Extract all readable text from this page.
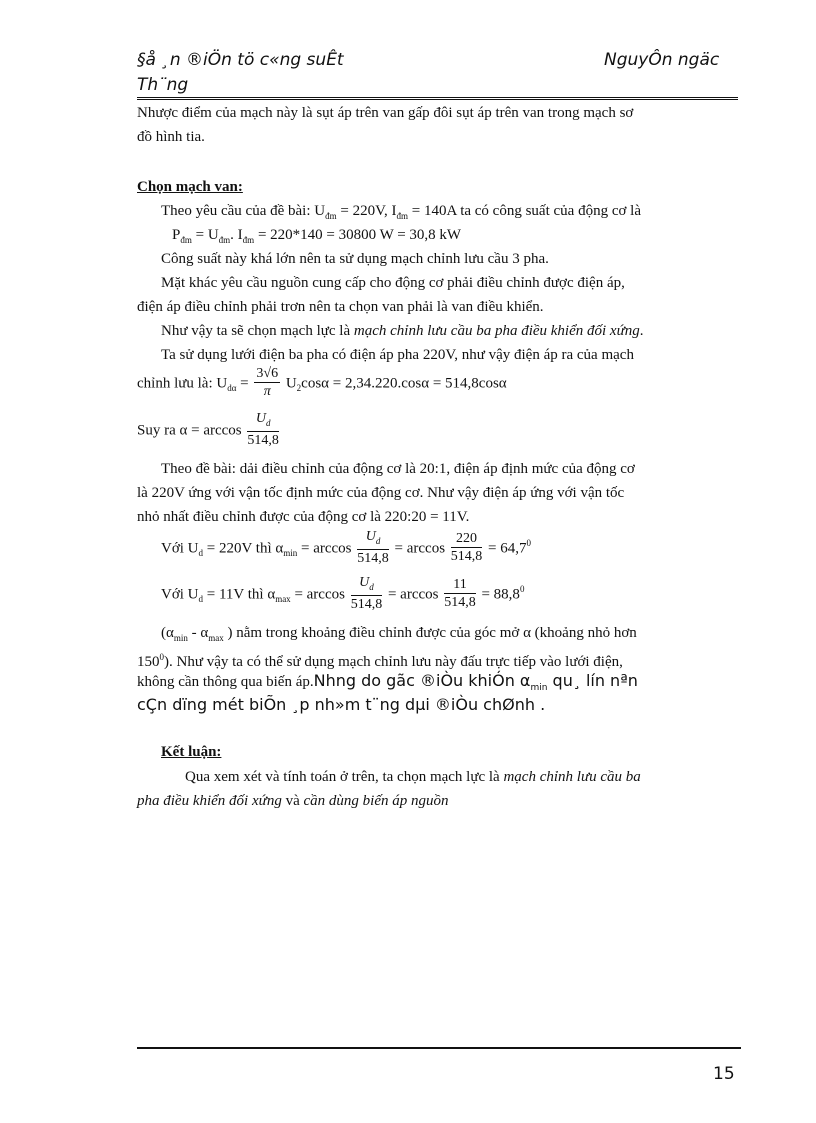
§å ¸n ®iÖn tö c«ng suÊt	NguyÔn ngäc
Th¨ng
Nhược điểm của mạch này là sụt áp trên van gấp đôi sụt áp trên van trong mạch sơ
đồ hình tia.
Chọn mạch van:
Theo yêu cầu của đề bài: $U_{đm} = 220V$, $I_{đm} = 140A$ ta có công suất của động cơ là
$P_{đm} = U_{đm}$. $I_{đm} = 220*140 = 30800$ W = 30,8 kW
Công suất này khá lớn nên ta sử dụng mạch chỉnh lưu cầu 3 pha.
Mặt khác yêu cầu nguồn cung cấp cho động cơ phải điều chỉnh được điện áp,
điện áp điều chỉnh phải trơn nên ta chọn van phải là van điều khiển.
Như vậy ta sẽ chọn mạch lực là mạch chỉnh lưu cầu ba pha điều khiển đối xứng.
Ta sử dụng lưới điện ba pha có điện áp pha 220V, như vậy điện áp ra của mạch
chỉnh lưu là: $U_{d\alpha} = \frac{3√6}{\pi} U_2\cos\alpha = 2,34.220.\cos\alpha = 514,8\cos\alpha$
Suy ra $\alpha = \arccos \frac{U_d}{514,8}$
Theo đề bài: dải điều chỉnh của động cơ là 20:1, điện áp định mức của động cơ
là 220V ứng với vận tốc định mức của động cơ. Như vậy điện áp ứng với vận tốc
nhỏ nhất điều chỉnh được của động cơ là 220:20 = 11V.
Với $U_d = 220V$ thì $\alpha_{min} = \arccos \frac{U_d}{514,8} = \arccos \frac{220}{514,8} = 64,7^0$
Với $U_d = 11V$ thì $\alpha_{max} = \arccos \frac{U_d}{514,8} = \arccos \frac{11}{514,8} = 88,8^0$
($\alpha_{min} - \alpha_{max}$ ) nằm trong khoảng điều chỉnh được của góc mở α (khoảng nhỏ hơn
$150^0$). Như vậy ta có thể sử dụng mạch chỉnh lưu này đấu trực tiếp vào lưới điện,
không cần thông qua biến áp.Nhng do gãc ®iÒu khiÓn $\alpha_{min}$ qu¸ lín nªn
cÇn dïng mét biÕn ¸p nh»m t¨ng dµi ®iÒu chØnh .
Kết luận:
Qua xem xét và tính toán ở trên, ta chọn mạch lực là mạch chỉnh lưu cầu ba
pha điều khiển đối xứng và cần dùng biến áp nguồn
15
